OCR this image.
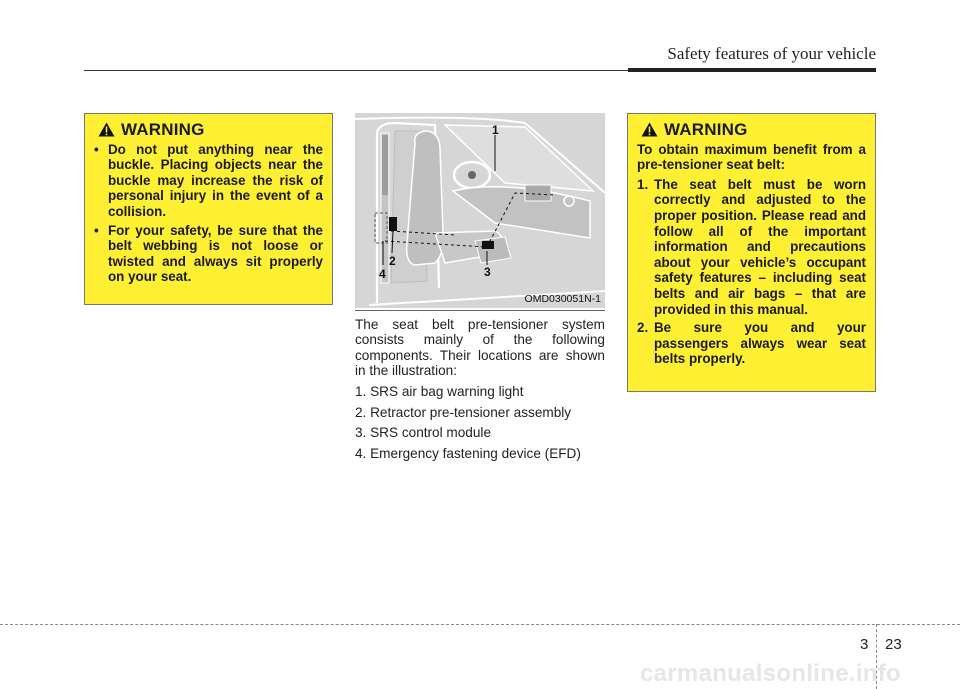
Safety features of your vehicle
WARNING
• Do not put anything near the buckle. Placing objects near the buckle may increase the risk of personal injury in the event of a collision.
• For your safety, be sure that the belt webbing is not loose or twisted and always sit properly on your seat.
1
2
3
4
OMD030051N-1
The seat belt pre-tensioner system consists mainly of the following components. Their locations are shown in the illustration:
1. SRS air bag warning light
2. Retractor pre-tensioner assembly
3. SRS control module
4. Emergency fastening device (EFD)
WARNING
To obtain maximum benefit from a pre-tensioner seat belt:
1. The seat belt must be worn correctly and adjusted to the proper position. Please read and follow all of the important information and precautions about your vehicle’s occupant safety features – including seat belts and air bags – that are provided in this manual.
2. Be sure you and your passengers always wear seat belts properly.
3 23
carmanualsonline.info
